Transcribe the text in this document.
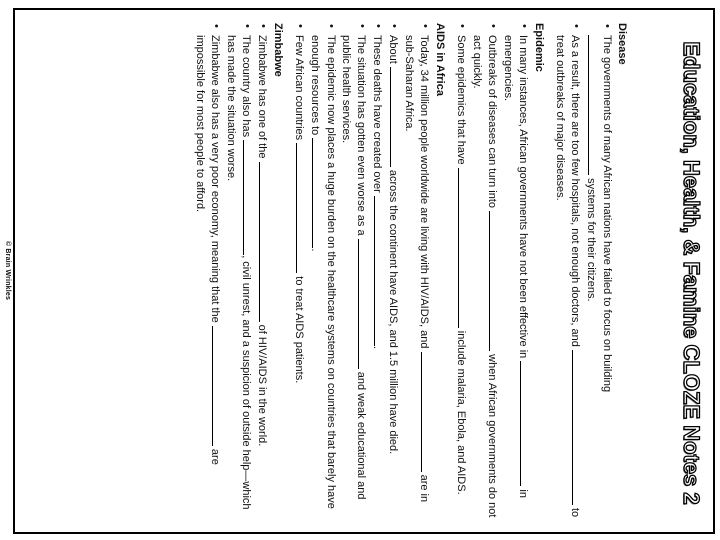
© Brain Wrinkles	Education, Health, & Famine CLOZE Notes 2
Disease
• The governments of many African nations have failed to focus on building  systems for their citizens.
• As a result, there are too few hospitals, not enough doctors, and  to treat outbreaks of major diseases.
Epidemic
• In many instances, African governments have not been effective in  in emergencies.
• Outbreaks of diseases can turn into  when African governments do not act quickly.
• Some epidemics that have  include malaria, Ebola, and AIDS.
AIDS in Africa
• Today, 34 million people worldwide are living with HIV/AIDS, and  are in sub-Saharan Africa.
• About  across the continent have AIDS, and 1.5 million have died.
• These deaths have created over .
• The situation has gotten even worse as a  and weak educational and public health services.
• The epidemic now places a huge burden on the healthcare systems on countries that barely have enough resources to .
• Few African countries  to treat AIDS patients.
Zimbabwe
• Zimbabwe has one of the  of HIV/AIDS in the world.
• The country also has , civil unrest, and a suspicion of outside help—which has made the situation worse.
• Zimbabwe also has a very poor economy, meaning that the  are impossible for most people to afford.
